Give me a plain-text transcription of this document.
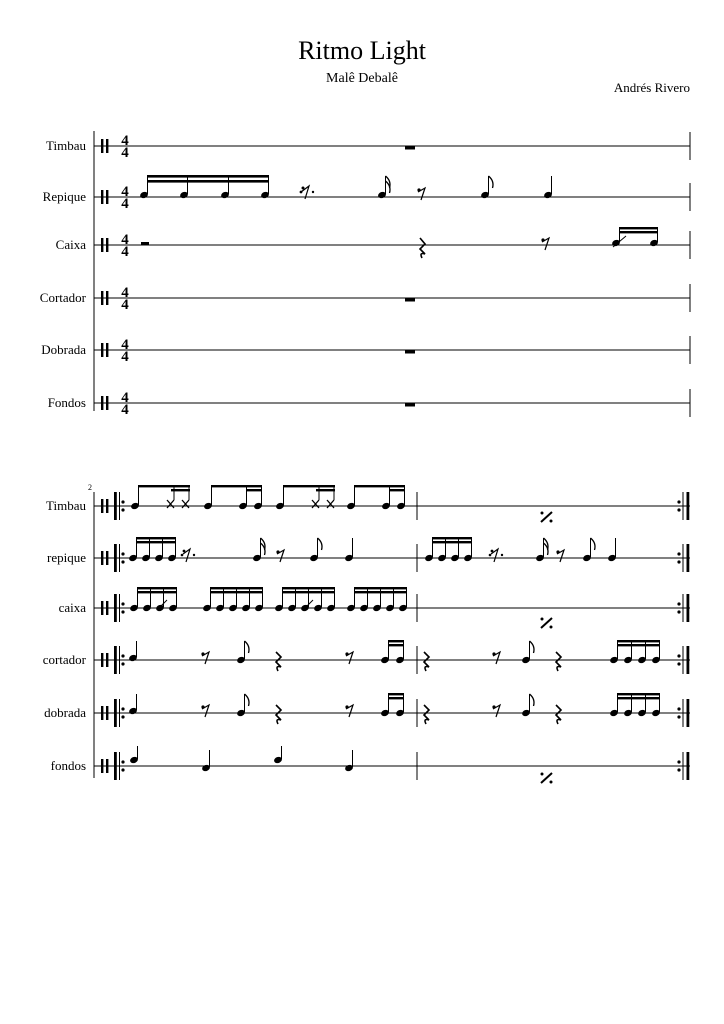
Ritmo Light
Malê Debalê
Andrés Rivero
Timbau 4
4
Repique 4
4
Caixa 4
4
Cortador 4
4
Dobrada 4
4
Fondos 4
4
2
Timbau
repique
caixa
cortador
dobrada
fondos
